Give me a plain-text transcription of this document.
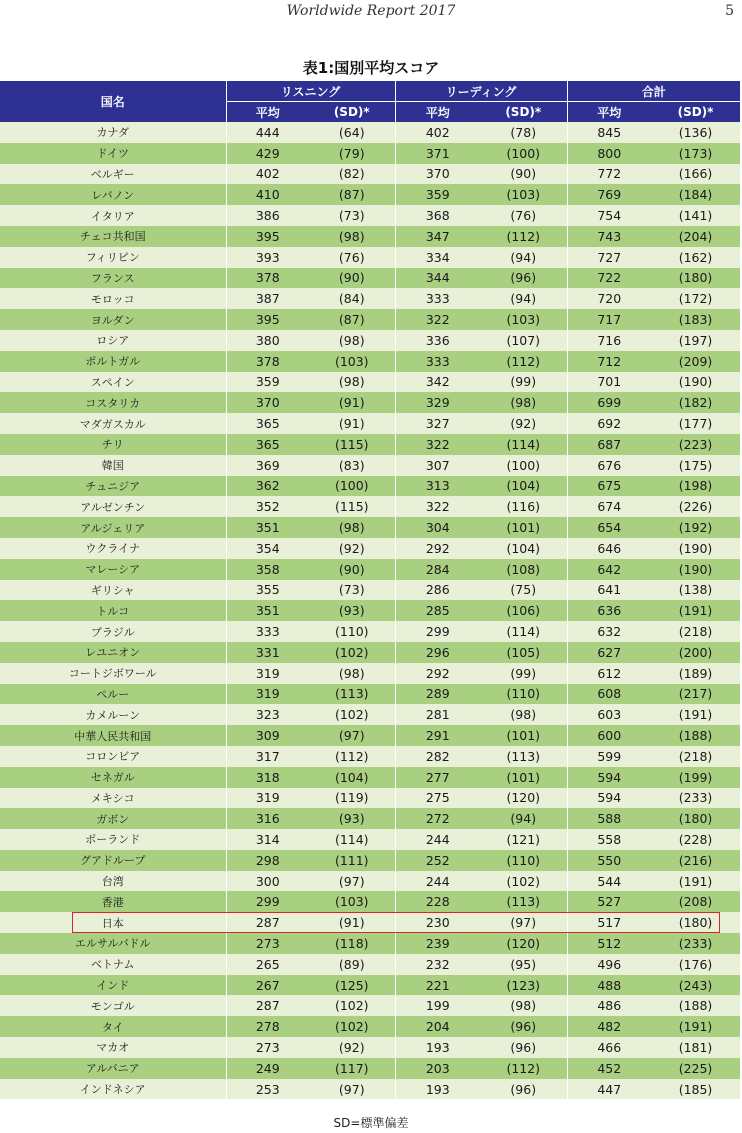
Worldwide Report 2017	5
表1:国別平均スコア
国名	リスニング		リーディング		合計	
	平均	(SD)*	平均	(SD)*	平均	(SD)*
カナダ	444	(64)	402	(78)	845	(136)
ドイツ	429	(79)	371	(100)	800	(173)
ベルギー	402	(82)	370	(90)	772	(166)
レバノン	410	(87)	359	(103)	769	(184)
イタリア	386	(73)	368	(76)	754	(141)
チェコ共和国	395	(98)	347	(112)	743	(204)
フィリピン	393	(76)	334	(94)	727	(162)
フランス	378	(90)	344	(96)	722	(180)
モロッコ	387	(84)	333	(94)	720	(172)
ヨルダン	395	(87)	322	(103)	717	(183)
ロシア	380	(98)	336	(107)	716	(197)
ポルトガル	378	(103)	333	(112)	712	(209)
スペイン	359	(98)	342	(99)	701	(190)
コスタリカ	370	(91)	329	(98)	699	(182)
マダガスカル	365	(91)	327	(92)	692	(177)
チリ	365	(115)	322	(114)	687	(223)
韓国	369	(83)	307	(100)	676	(175)
チュニジア	362	(100)	313	(104)	675	(198)
アルゼンチン	352	(115)	322	(116)	674	(226)
アルジェリア	351	(98)	304	(101)	654	(192)
ウクライナ	354	(92)	292	(104)	646	(190)
マレーシア	358	(90)	284	(108)	642	(190)
ギリシャ	355	(73)	286	(75)	641	(138)
トルコ	351	(93)	285	(106)	636	(191)
ブラジル	333	(110)	299	(114)	632	(218)
レユニオン	331	(102)	296	(105)	627	(200)
コートジボワール	319	(98)	292	(99)	612	(189)
ペルー	319	(113)	289	(110)	608	(217)
カメルーン	323	(102)	281	(98)	603	(191)
中華人民共和国	309	(97)	291	(101)	600	(188)
コロンビア	317	(112)	282	(113)	599	(218)
セネガル	318	(104)	277	(101)	594	(199)
メキシコ	319	(119)	275	(120)	594	(233)
ガボン	316	(93)	272	(94)	588	(180)
ポーランド	314	(114)	244	(121)	558	(228)
グアドループ	298	(111)	252	(110)	550	(216)
台湾	300	(97)	244	(102)	544	(191)
香港	299	(103)	228	(113)	527	(208)
日本	287	(91)	230	(97)	517	(180)
エルサルバドル	273	(118)	239	(120)	512	(233)
ベトナム	265	(89)	232	(95)	496	(176)
インド	267	(125)	221	(123)	488	(243)
モンゴル	287	(102)	199	(98)	486	(188)
タイ	278	(102)	204	(96)	482	(191)
マカオ	273	(92)	193	(96)	466	(181)
アルバニア	249	(117)	203	(112)	452	(225)
インドネシア	253	(97)	193	(96)	447	(185)
SD=標準偏差
